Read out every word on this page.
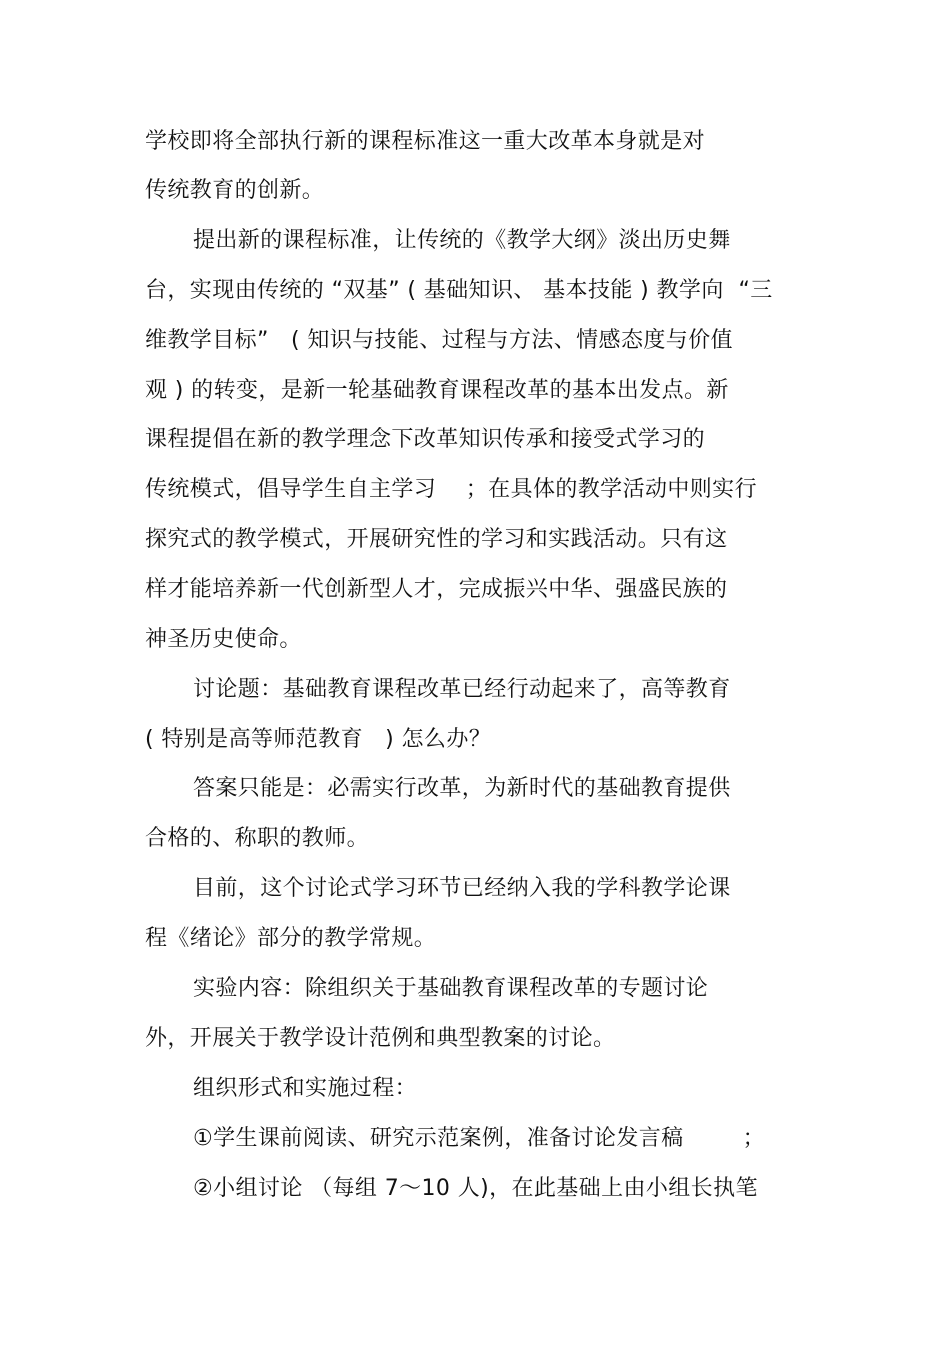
学校即将全部执行新的课程标准这一重大改革本身就是对
传统教育的创新。
提出新的课程标准，让传统的《教学大纲》淡出历史舞
台，实现由传统的 “双基” ( 基础知识、 基本技能 ) 教学向  “三
维教学目标”   ( 知识与技能、过程与方法、情感态度与价值
观 ) 的转变，是新一轮基础教育课程改革的基本出发点。新
课程提倡在新的教学理念下改革知识传承和接受式学习的
传统模式，倡导学生自主学习    ；在具体的教学活动中则实行
探究式的教学模式，开展研究性的学习和实践活动。只有这
样才能培养新一代创新型人才，完成振兴中华、强盛民族的
神圣历史使命。
讨论题：基础教育课程改革已经行动起来了，高等教育
( 特别是高等师范教育   ) 怎么办？
答案只能是：必需实行改革，为新时代的基础教育提供
合格的、称职的教师。
目前，这个讨论式学习环节已经纳入我的学科教学论课
程《绪论》部分的教学常规。
实验内容：除组织关于基础教育课程改革的专题讨论
外，开展关于教学设计范例和典型教案的讨论。
组织形式和实施过程：
①学生课前阅读、研究示范案例，准备讨论发言稿        ；
②小组讨论 （每组 7～10 人)，在此基础上由小组长执笔
